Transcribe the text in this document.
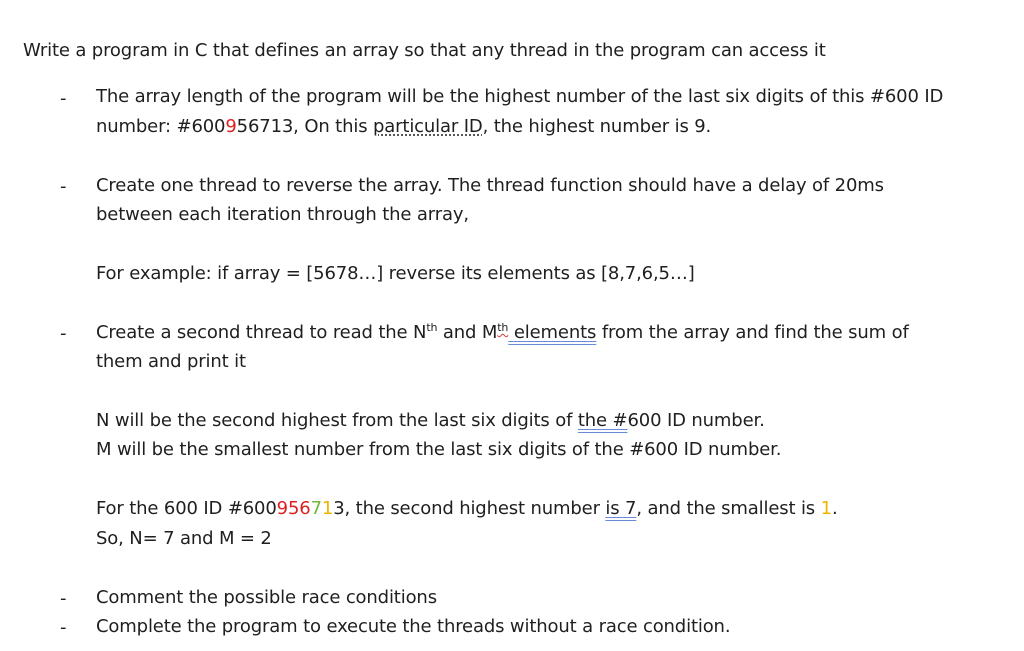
Write a program in C that defines an array so that any thread in the program can access it
-	The array length of the program will be the highest number of the last six digits of this #600 ID
number: #600956713, On this particular ID, the highest number is 9.
-	Create one thread to reverse the array. The thread function should have a delay of 20ms
between each iteration through the array,
For example: if array = [5678…] reverse its elements as [8,7,6,5…]
-	Create a second thread to read the $N^{th}$ and Mth elements from the array and find the sum of
them and print it
N will be the second highest from the last six digits of the #600 ID number.
M will be the smallest number from the last six digits of the #600 ID number.
For the 600 ID #600956713, the second highest number is 7, and the smallest is 1.
So, N= 7 and M = 2
-	Comment the possible race conditions
-	Complete the program to execute the threads without a race condition.
